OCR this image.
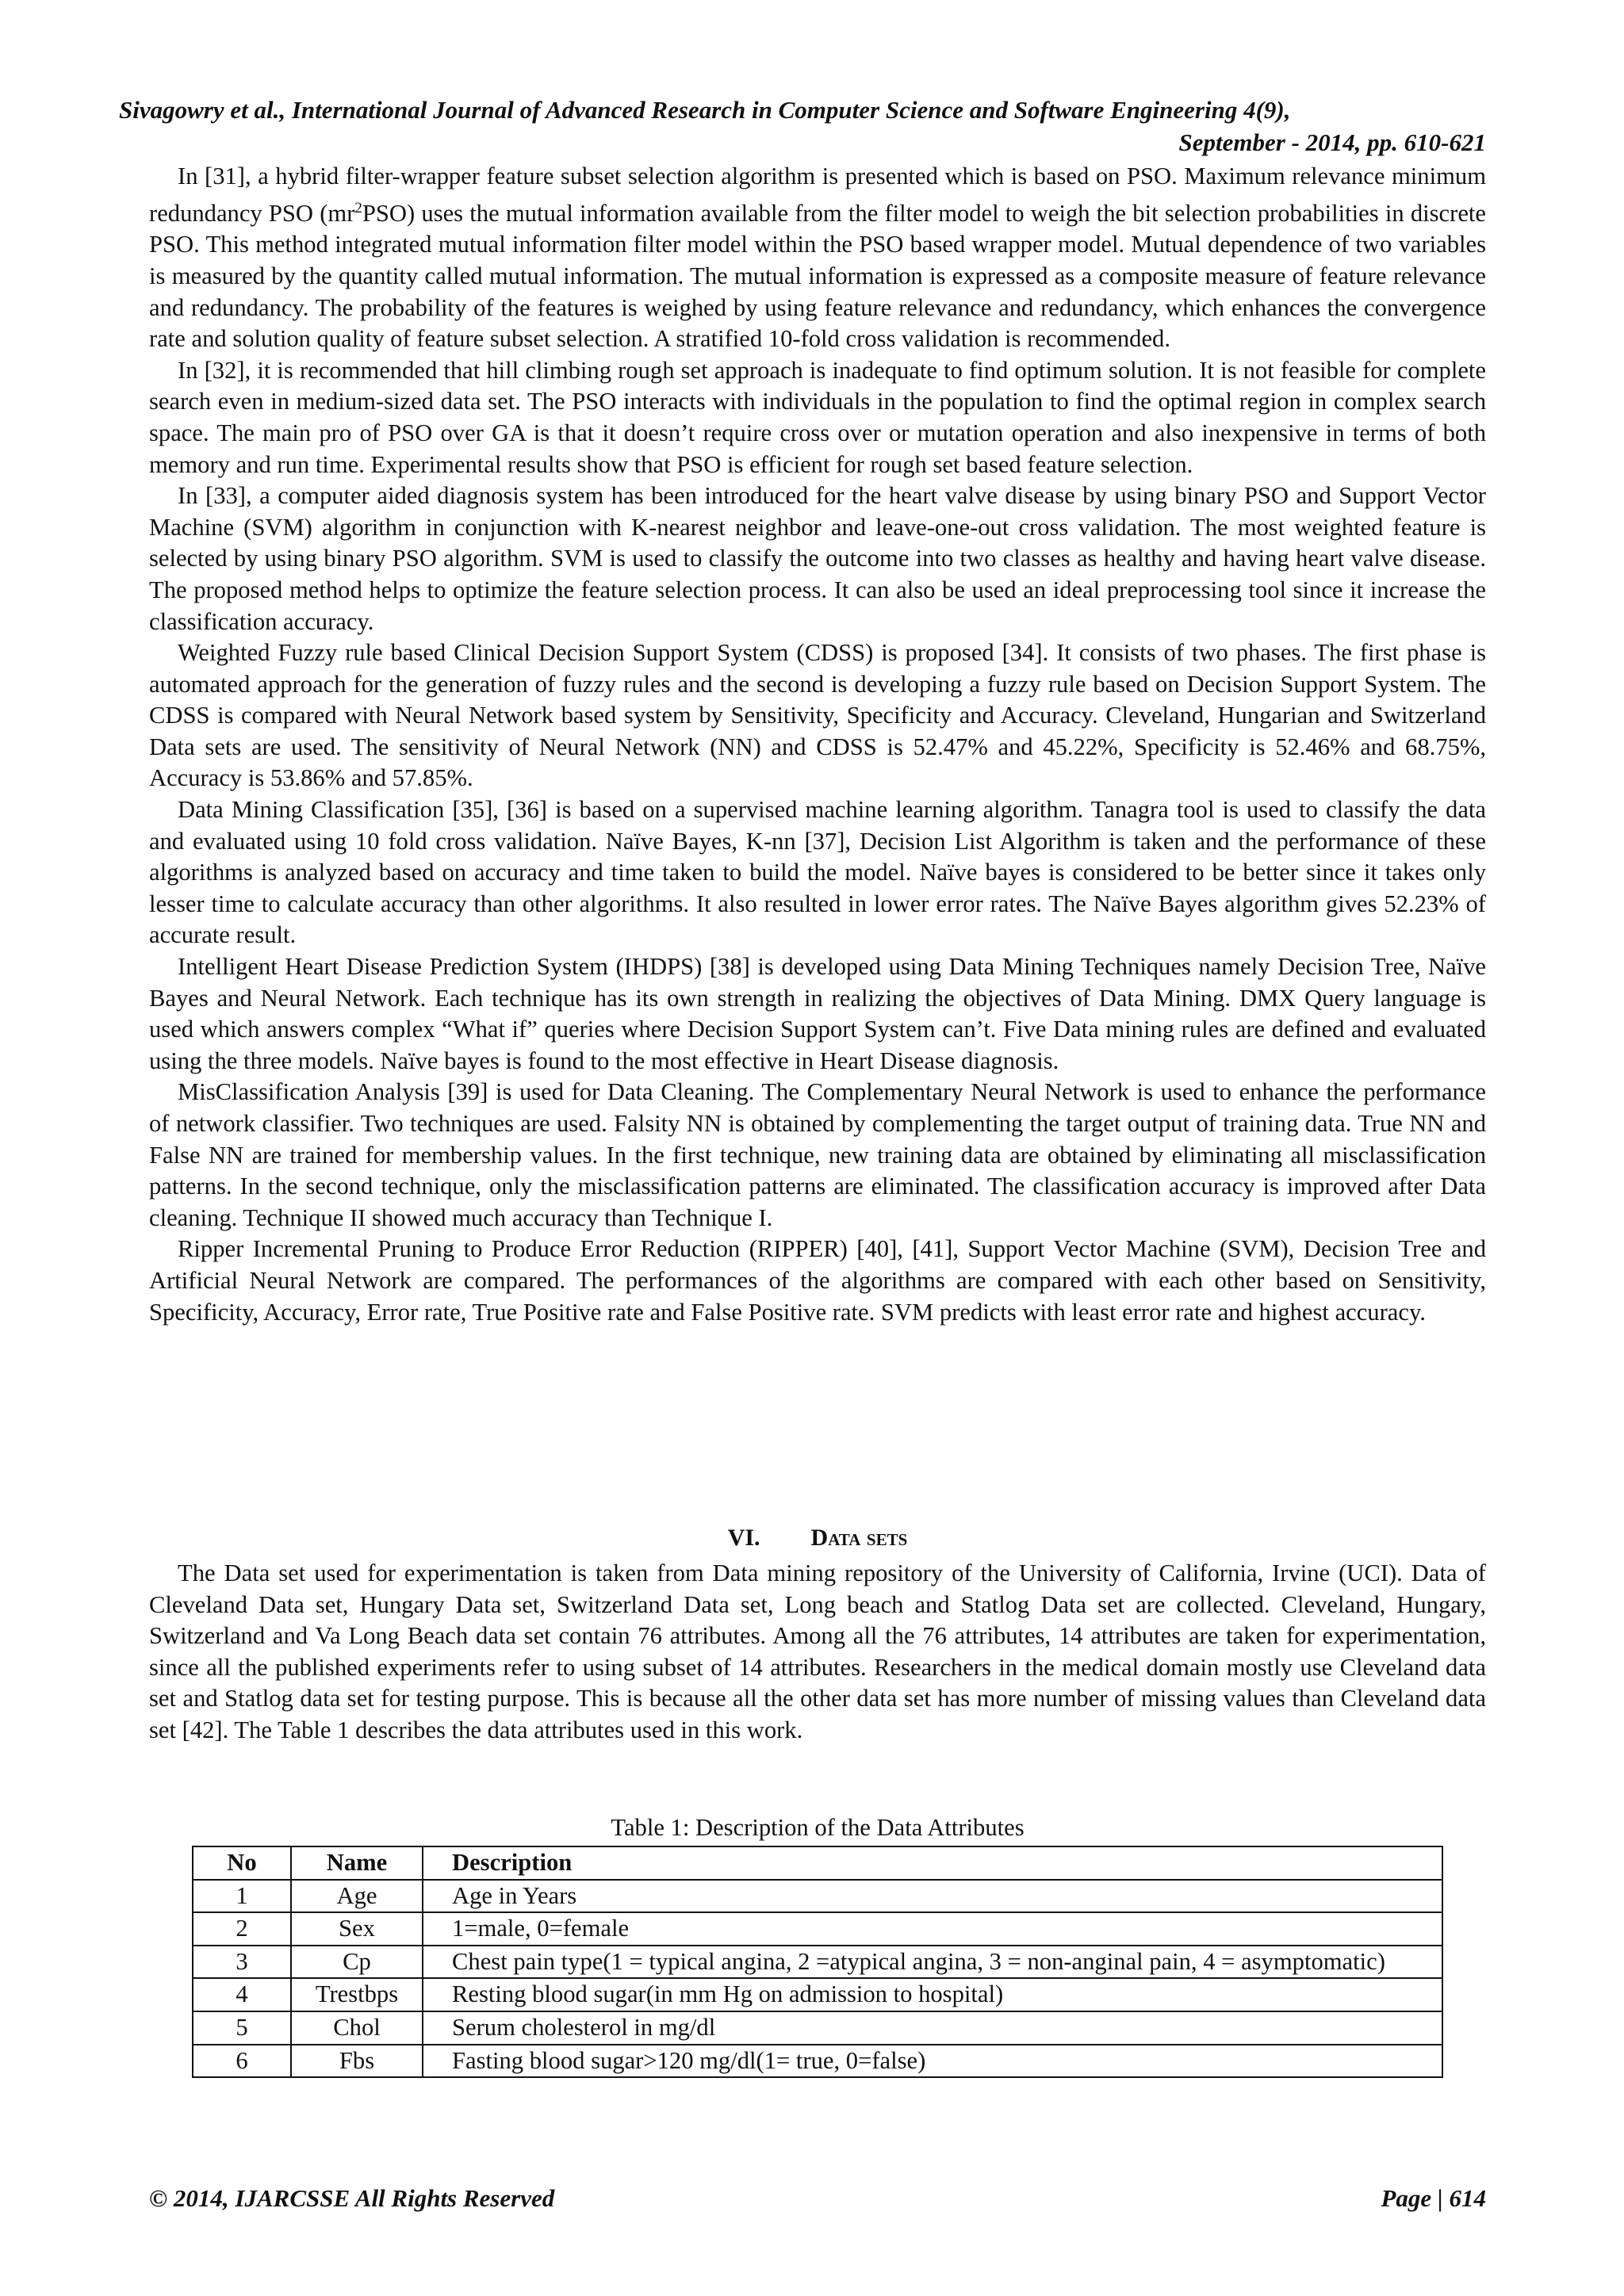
Sivagowry et al., International Journal of Advanced Research in Computer Science and Software Engineering 4(9),
September - 2014, pp. 610-621

In [31], a hybrid filter-wrapper feature subset selection algorithm is presented which is based on PSO. Maximum relevance minimum redundancy PSO $(mr^2PSO)$ uses the mutual information available from the filter model to weigh the bit selection probabilities in discrete PSO. This method integrated mutual information filter model within the PSO based wrapper model. Mutual dependence of two variables is measured by the quantity called mutual information. The mutual information is expressed as a composite measure of feature relevance and redundancy. The probability of the features is weighed by using feature relevance and redundancy, which enhances the convergence rate and solution quality of feature subset selection. A stratified 10-fold cross validation is recommended.

In [32], it is recommended that hill climbing rough set approach is inadequate to find optimum solution. It is not feasible for complete search even in medium-sized data set. The PSO interacts with individuals in the population to find the optimal region in complex search space. The main pro of PSO over GA is that it doesn’t require cross over or mutation operation and also inexpensive in terms of both memory and run time. Experimental results show that PSO is efficient for rough set based feature selection.

In [33], a computer aided diagnosis system has been introduced for the heart valve disease by using binary PSO and Support Vector Machine (SVM) algorithm in conjunction with K-nearest neighbor and leave-one-out cross validation. The most weighted feature is selected by using binary PSO algorithm. SVM is used to classify the outcome into two classes as healthy and having heart valve disease. The proposed method helps to optimize the feature selection process. It can also be used an ideal preprocessing tool since it increase the classification accuracy.

Weighted Fuzzy rule based Clinical Decision Support System (CDSS) is proposed [34]. It consists of two phases. The first phase is automated approach for the generation of fuzzy rules and the second is developing a fuzzy rule based on Decision Support System. The CDSS is compared with Neural Network based system by Sensitivity, Specificity and Accuracy. Cleveland, Hungarian and Switzerland Data sets are used. The sensitivity of Neural Network (NN) and CDSS is 52.47% and 45.22%, Specificity is 52.46% and 68.75%, Accuracy is 53.86% and 57.85%.

Data Mining Classification [35], [36] is based on a supervised machine learning algorithm. Tanagra tool is used to classify the data and evaluated using 10 fold cross validation. Naïve Bayes, K-nn [37], Decision List Algorithm is taken and the performance of these algorithms is analyzed based on accuracy and time taken to build the model. Naïve bayes is considered to be better since it takes only lesser time to calculate accuracy than other algorithms. It also resulted in lower error rates. The Naïve Bayes algorithm gives 52.23% of accurate result.

Intelligent Heart Disease Prediction System (IHDPS) [38] is developed using Data Mining Techniques namely Decision Tree, Naïve Bayes and Neural Network. Each technique has its own strength in realizing the objectives of Data Mining. DMX Query language is used which answers complex “What if” queries where Decision Support System can’t. Five Data mining rules are defined and evaluated using the three models. Naïve bayes is found to the most effective in Heart Disease diagnosis.

MisClassification Analysis [39] is used for Data Cleaning. The Complementary Neural Network is used to enhance the performance of network classifier. Two techniques are used. Falsity NN is obtained by complementing the target output of training data. True NN and False NN are trained for membership values. In the first technique, new training data are obtained by eliminating all misclassification patterns. In the second technique, only the misclassification patterns are eliminated. The classification accuracy is improved after Data cleaning. Technique II showed much accuracy than Technique I.

Ripper Incremental Pruning to Produce Error Reduction (RIPPER) [40], [41], Support Vector Machine (SVM), Decision Tree and Artificial Neural Network are compared. The performances of the algorithms are compared with each other based on Sensitivity, Specificity, Accuracy, Error rate, True Positive rate and False Positive rate. SVM predicts with least error rate and highest accuracy.

VI. Data sets

The Data set used for experimentation is taken from Data mining repository of the University of California, Irvine (UCI). Data of Cleveland Data set, Hungary Data set, Switzerland Data set, Long beach and Statlog Data set are collected. Cleveland, Hungary, Switzerland and Va Long Beach data set contain 76 attributes. Among all the 76 attributes, 14 attributes are taken for experimentation, since all the published experiments refer to using subset of 14 attributes. Researchers in the medical domain mostly use Cleveland data set and Statlog data set for testing purpose. This is because all the other data set has more number of missing values than Cleveland data set [42]. The Table 1 describes the data attributes used in this work.

Table 1: Description of the Data Attributes
No	Name	Description
1	Age	Age in Years
2	Sex	1=male, 0=female
3	Cp	Chest pain type(1 = typical angina, 2 =atypical angina, 3 = non-anginal pain, 4 = asymptomatic)
4	Trestbps	Resting blood sugar(in mm Hg on admission to hospital)
5	Chol	Serum cholesterol in mg/dl
6	Fbs	Fasting blood sugar>120 mg/dl(1= true, 0=false)
© 2014, IJARCSSE All Rights Reserved	Page | 614
